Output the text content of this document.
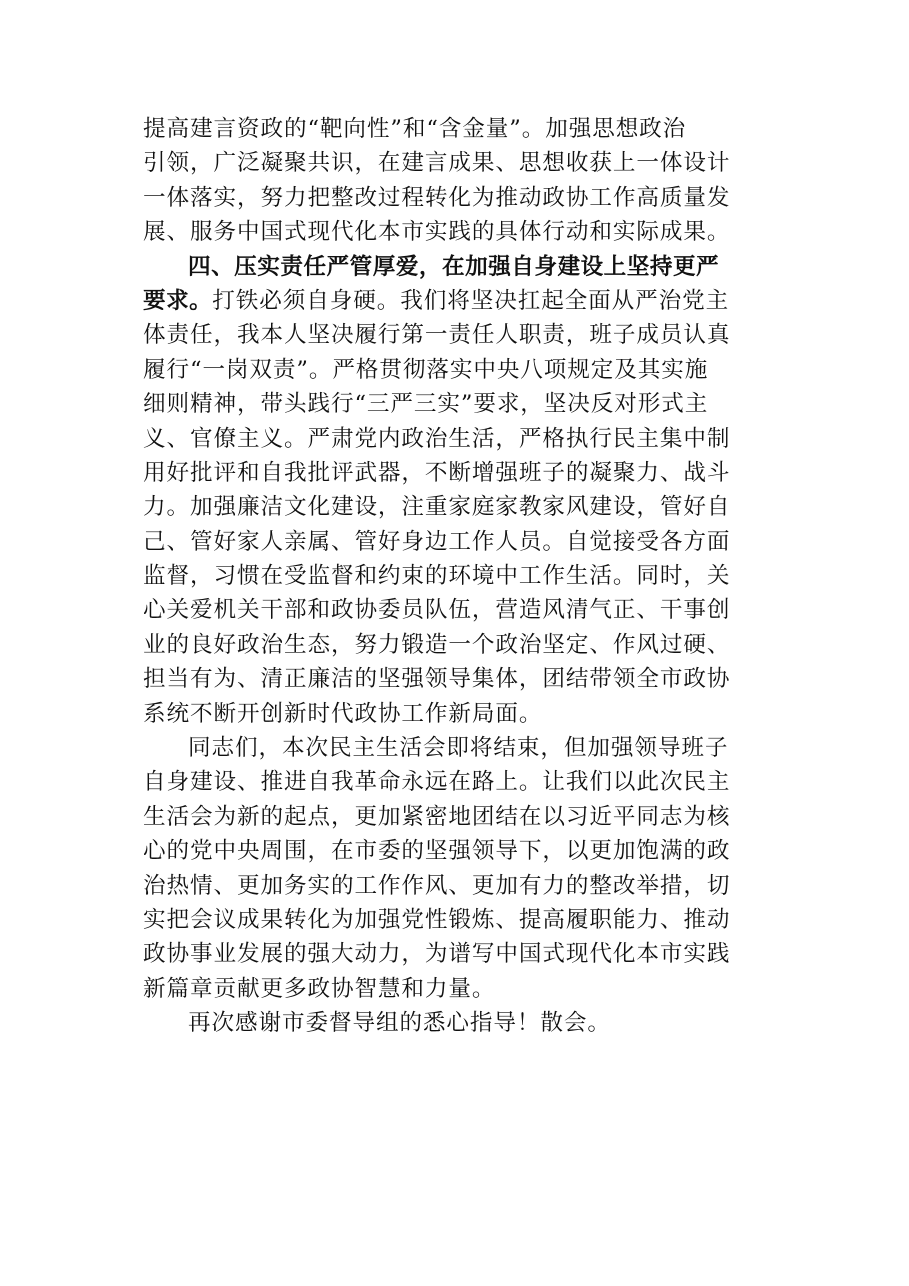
提高建言资政的“靶向性”和“含金量”。加强思想政治
引领，广泛凝聚共识，在建言成果、思想收获上一体设计
一体落实，努力把整改过程转化为推动政协工作高质量发
展、服务中国式现代化本市实践的具体行动和实际成果。
四、压实责任严管厚爱，在加强自身建设上坚持更严
要求。打铁必须自身硬。我们将坚决扛起全面从严治党主
体责任，我本人坚决履行第一责任人职责，班子成员认真
履行“一岗双责”。严格贯彻落实中央八项规定及其实施
细则精神，带头践行“三严三实”要求，坚决反对形式主
义、官僚主义。严肃党内政治生活，严格执行民主集中制
用好批评和自我批评武器，不断增强班子的凝聚力、战斗
力。加强廉洁文化建设，注重家庭家教家风建设，管好自
己、管好家人亲属、管好身边工作人员。自觉接受各方面
监督，习惯在受监督和约束的环境中工作生活。同时，关
心关爱机关干部和政协委员队伍，营造风清气正、干事创
业的良好政治生态，努力锻造一个政治坚定、作风过硬、
担当有为、清正廉洁的坚强领导集体，团结带领全市政协
系统不断开创新时代政协工作新局面。
同志们，本次民主生活会即将结束，但加强领导班子
自身建设、推进自我革命永远在路上。让我们以此次民主
生活会为新的起点，更加紧密地团结在以习近平同志为核
心的党中央周围，在市委的坚强领导下，以更加饱满的政
治热情、更加务实的工作作风、更加有力的整改举措，切
实把会议成果转化为加强党性锻炼、提高履职能力、推动
政协事业发展的强大动力，为谱写中国式现代化本市实践
新篇章贡献更多政协智慧和力量。
再次感谢市委督导组的悉心指导！散会。
